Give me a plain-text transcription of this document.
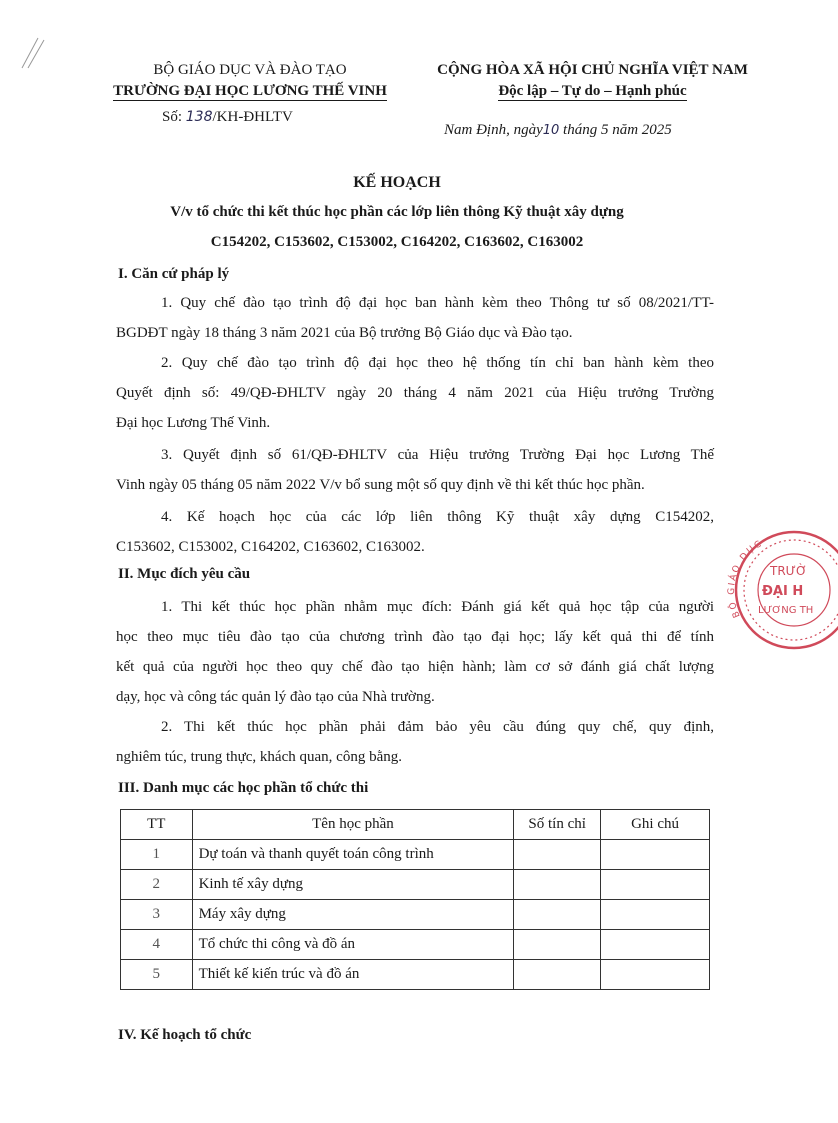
BỘ GIÁO DỤC VÀ ĐÀO TẠO
TRƯỜNG ĐẠI HỌC LƯƠNG THẾ VINH
Số: 138/KH-ĐHLTV
CỘNG HÒA XÃ HỘI CHỦ NGHĨA VIỆT NAM
Độc lập – Tự do – Hạnh phúc
Nam Định, ngày10 tháng 5 năm 2025
KẾ HOẠCH
V/v tổ chức thi kết thúc học phần các lớp liên thông Kỹ thuật xây dựng
C154202, C153602, C153002, C164202, C163602, C163002
I. Căn cứ pháp lý
1. Quy chế đào tạo trình độ đại học ban hành kèm theo Thông tư số 08/2021/TT-
BGDĐT ngày 18 tháng 3 năm 2021 của Bộ trưởng Bộ Giáo dục và Đào tạo.
2. Quy chế đào tạo trình độ đại học theo hệ thống tín chỉ ban hành kèm theo
Quyết định số: 49/QĐ-ĐHLTV ngày 20 tháng 4 năm 2021 của Hiệu trưởng Trường
Đại học Lương Thế Vinh.
3. Quyết định số 61/QĐ-ĐHLTV của Hiệu trưởng Trường Đại học Lương Thế
Vinh ngày 05 tháng 05 năm 2022 V/v bổ sung một số quy định về thi kết thúc học phần.
4. Kế hoạch học của các lớp liên thông Kỹ thuật xây dựng C154202,
C153602, C153002, C164202, C163602, C163002.
II. Mục đích yêu cầu
1. Thi kết thúc học phần nhằm mục đích: Đánh giá kết quả học tập của người
học theo mục tiêu đào tạo của chương trình đào tạo đại học; lấy kết quả thi để tính
kết quả của người học theo quy chế đào tạo hiện hành; làm cơ sở đánh giá chất lượng
dạy, học và công tác quản lý đào tạo của Nhà trường.
2. Thi kết thúc học phần phải đảm bảo yêu cầu đúng quy chế, quy định,
nghiêm túc, trung thực, khách quan, công bằng.
III. Danh mục các học phần tổ chức thi
TT	Tên học phần	Số tín chỉ	Ghi chú
1	Dự toán và thanh quyết toán công trình		
2	Kinh tế xây dựng		
3	Máy xây dựng		
4	Tổ chức thi công và đồ án		
5	Thiết kế kiến trúc và đồ án		
IV. Kế hoạch tổ chức
BỘ GIÁO DỤC
TRƯỜ
ĐẠI H
LƯƠNG TH
